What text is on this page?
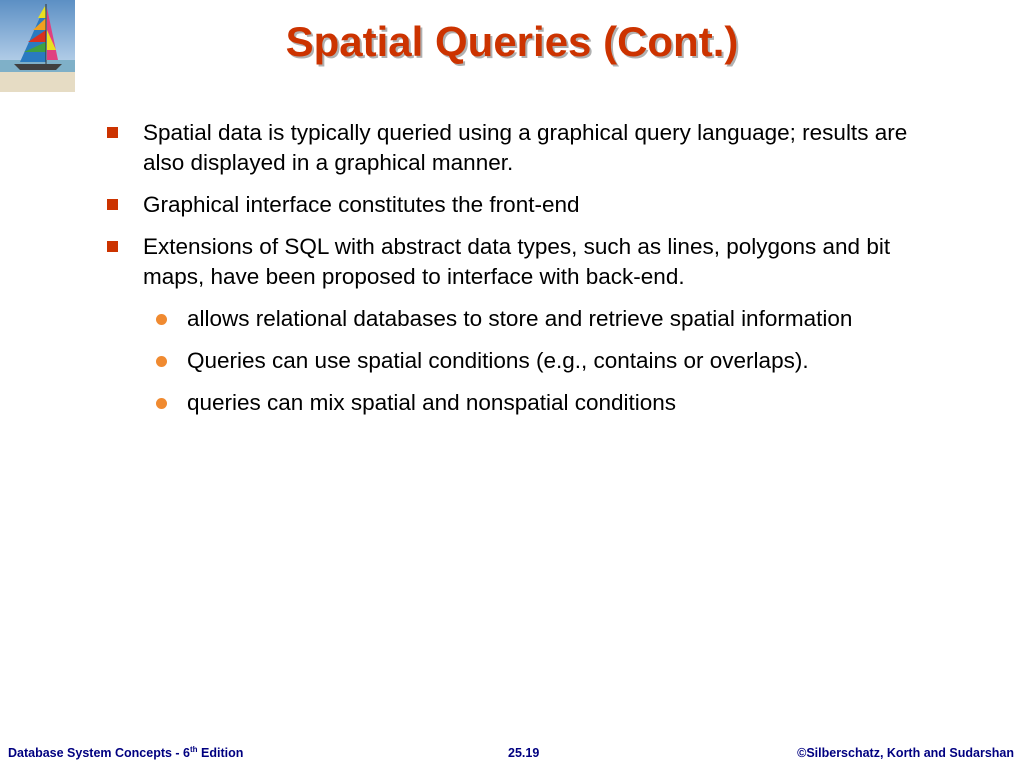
Spatial Queries (Cont.)
Spatial data is typically queried using a graphical query language; results are also displayed in a graphical manner.
Graphical interface constitutes the front-end
Extensions of SQL with abstract data types, such as lines, polygons and bit maps, have been proposed to interface with back-end.
allows relational databases to store and retrieve spatial information
Queries can use spatial conditions (e.g., contains or overlaps).
queries can mix spatial and nonspatial conditions
Database System Concepts - 6th Edition	25.19	©Silberschatz, Korth and Sudarshan
